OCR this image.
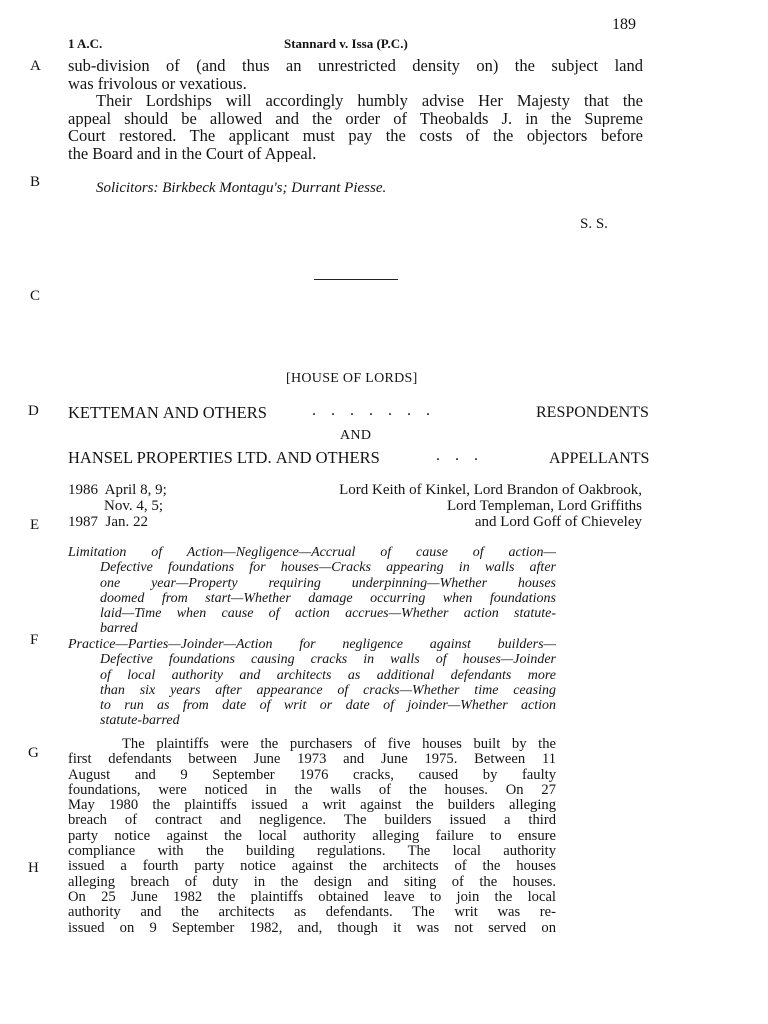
189
1 A.C.	Stannard v. Issa (P.C.)
A
B
C
D
E
F
G
H
sub-division of (and thus an unrestricted density on) the subject land
was frivolous or vexatious.
Their Lordships will accordingly humbly advise Her Majesty that the
appeal should be allowed and the order of Theobalds J. in the Supreme
Court restored. The applicant must pay the costs of the objectors before
the Board and in the Court of Appeal.
Solicitors: Birkbeck Montagu's; Durrant Piesse.
S. S.
[HOUSE OF LORDS]
KETTEMAN AND OTHERS	.......	RESPONDENTS
AND
HANSEL PROPERTIES LTD. AND OTHERS	...	APPELLANTS
1986  April 8, 9;
Nov. 4, 5;
1987  Jan. 22
Lord Keith of Kinkel, Lord Brandon of Oakbrook,
Lord Templeman, Lord Griffiths
and Lord Goff of Chieveley
Limitation of Action—Negligence—Accrual of cause of action—
Defective foundations for houses—Cracks appearing in walls after
one year—Property requiring underpinning—Whether houses
doomed from start—Whether damage occurring when foundations
laid—Time when cause of action accrues—Whether action statute-
barred
Practice—Parties—Joinder—Action for negligence against builders—
Defective foundations causing cracks in walls of houses—Joinder
of local authority and architects as additional defendants more
than six years after appearance of cracks—Whether time ceasing
to run as from date of writ or date of joinder—Whether action
statute-barred
The plaintiffs were the purchasers of five houses built by the
first defendants between June 1973 and June 1975. Between 11
August and 9 September 1976 cracks, caused by faulty
foundations, were noticed in the walls of the houses. On 27
May 1980 the plaintiffs issued a writ against the builders alleging
breach of contract and negligence. The builders issued a third
party notice against the local authority alleging failure to ensure
compliance with the building regulations. The local authority
issued a fourth party notice against the architects of the houses
alleging breach of duty in the design and siting of the houses.
On 25 June 1982 the plaintiffs obtained leave to join the local
authority and the architects as defendants. The writ was re-
issued on 9 September 1982, and, though it was not served on
